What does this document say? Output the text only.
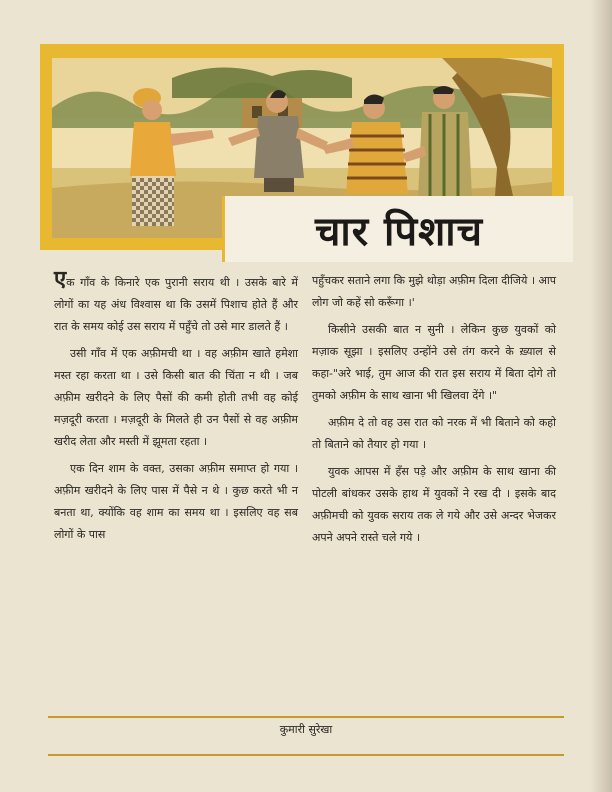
चार पिशाच

एक गाँव के किनारे एक पुरानी सराय थी । उसके बारे में लोगों का यह अंध विश्वास था कि उसमें पिशाच होते हैं और रात के समय कोई उस सराय में पहुँचे तो उसे मार डालते हैं ।

उसी गाँव में एक अफ़ीमची था । वह अफ़ीम खाते हमेशा मस्त रहा करता था । उसे किसी बात की चिंता न थी । जब अफ़ीम खरीदने के लिए पैसों की कमी होती तभी वह कोई मज़दूरी करता । मज़दूरी के मिलते ही उन पैसों से वह अफ़ीम खरीद लेता और मस्ती में झूमता रहता ।

एक दिन शाम के वक्त, उसका अफ़ीम समाप्त हो गया । अफ़ीम खरीदने के लिए पास में पैसे न थे । कुछ करते भी न बनता था, क्योंकि वह शाम का समय था । इसलिए वह सब लोगों के पास

पहुँचकर सताने लगा कि मुझे थोड़ा अफ़ीम दिला दीजिये । आप लोग जो कहें सो करूँगा ।'

किसीने उसकी बात न सुनी । लेकिन कुछ युवकों को मज़ाक सूझा । इसलिए उन्होंने उसे तंग करने के ख़्याल से कहा-"अरे भाई, तुम आज की रात इस सराय में बिता दोगे तो तुमको अफ़ीम के साथ खाना भी खिलवा देंगे ।"

अफ़ीम दे तो वह उस रात को नरक में भी बिताने को कहो तो बिताने को तैयार हो गया ।

युवक आपस में हँस पड़े और अफ़ीम के साथ खाना की पोटली बांधकर उसके हाथ में युवकों ने रख दी । इसके बाद अफ़ीमची को युवक सराय तक ले गये और उसे अन्दर भेजकर अपने अपने रास्ते चले गये ।

कुमारी सुरेखा
